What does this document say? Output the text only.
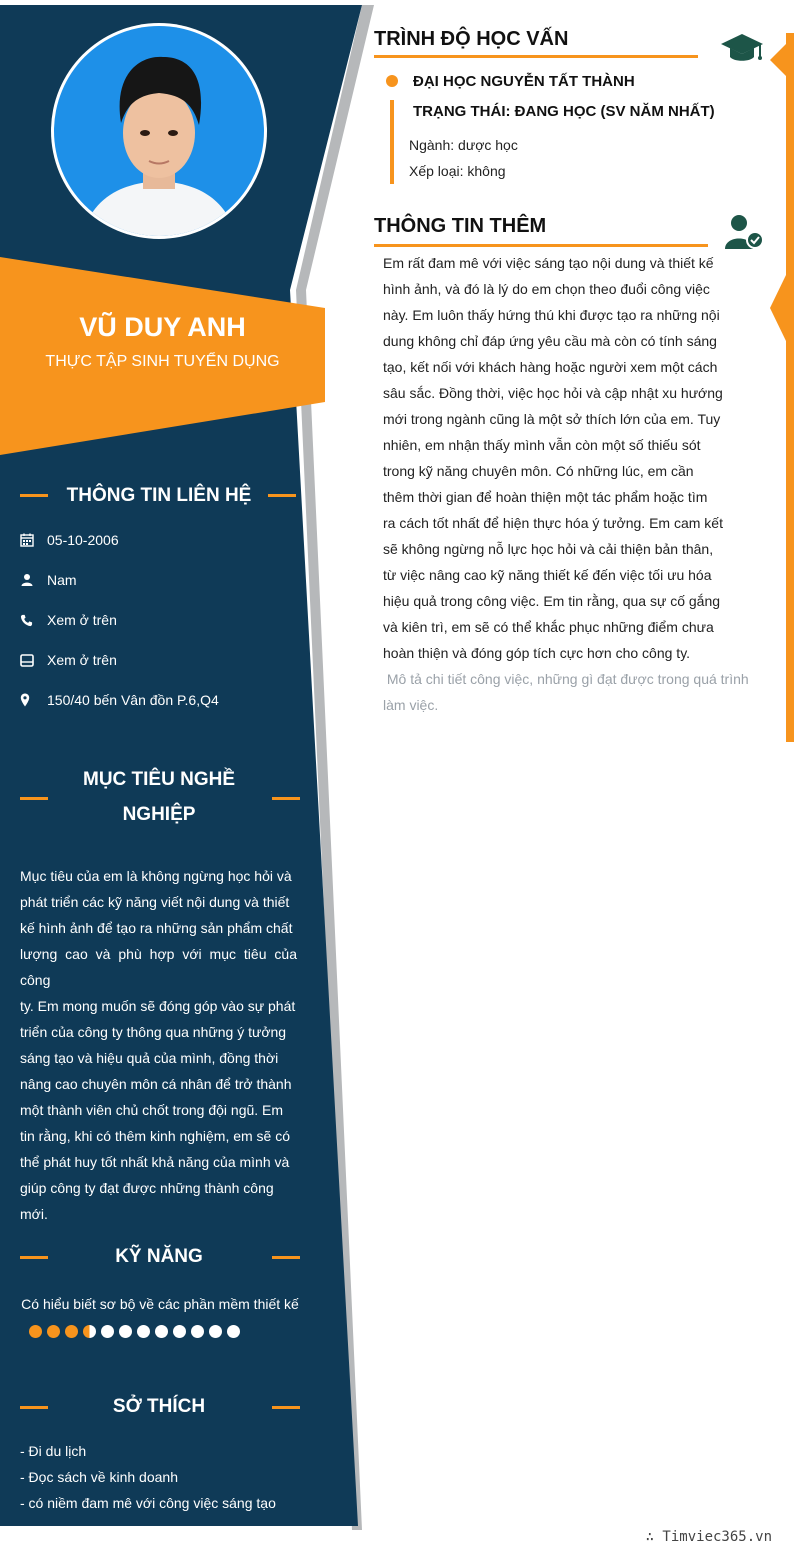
VŨ DUY ANH
THỰC TẬP SINH TUYỂN DỤNG
THÔNG TIN LIÊN HỆ
05-10-2006
Nam
Xem ở trên
Xem ở trên
150/40 bến Vân đồn P.6,Q4
MỤC TIÊU NGHỀ
NGHIỆP
Mục tiêu của em là không ngừng học hỏi và
phát triển các kỹ năng viết nội dung và thiết
kế hình ảnh để tạo ra những sản phẩm chất
lượng cao và phù hợp với mục tiêu của công
ty. Em mong muốn sẽ đóng góp vào sự phát
triển của công ty thông qua những ý tưởng
sáng tạo và hiệu quả của mình, đồng thời
nâng cao chuyên môn cá nhân để trở thành
một thành viên chủ chốt trong đội ngũ. Em
tin rằng, khi có thêm kinh nghiệm, em sẽ có
thể phát huy tốt nhất khả năng của mình và
giúp công ty đạt được những thành công
mới.
KỸ NĂNG
Có hiểu biết sơ bộ về các phần mềm thiết kế
SỞ THÍCH
- Đi du lịch
- Đọc sách về kinh doanh
- có niềm đam mê với công việc sáng tạo
TRÌNH ĐỘ HỌC VẤN
ĐẠI HỌC NGUYỄN TẤT THÀNH
TRẠNG THÁI: ĐANG HỌC (SV NĂM NHẤT)
Ngành: dược học
Xếp loại: không
THÔNG TIN THÊM
Em rất đam mê với việc sáng tạo nội dung và thiết kế
hình ảnh, và đó là lý do em chọn theo đuổi công việc
này. Em luôn thấy hứng thú khi được tạo ra những nội
dung không chỉ đáp ứng yêu cầu mà còn có tính sáng
tạo, kết nối với khách hàng hoặc người xem một cách
sâu sắc. Đồng thời, việc học hỏi và cập nhật xu hướng
mới trong ngành cũng là một sở thích lớn của em. Tuy
nhiên, em nhận thấy mình vẫn còn một số thiếu sót
trong kỹ năng chuyên môn. Có những lúc, em cần
thêm thời gian để hoàn thiện một tác phẩm hoặc tìm
ra cách tốt nhất để hiện thực hóa ý tưởng. Em cam kết
sẽ không ngừng nỗ lực học hỏi và cải thiện bản thân,
từ việc nâng cao kỹ năng thiết kế đến việc tối ưu hóa
hiệu quả trong công việc. Em tin rằng, qua sự cố gắng
và kiên trì, em sẽ có thể khắc phục những điểm chưa
hoàn thiện và đóng góp tích cực hơn cho công ty.
Mô tả chi tiết công việc, những gì đạt được trong quá trình
làm việc.
∴ Timviec365.vn
